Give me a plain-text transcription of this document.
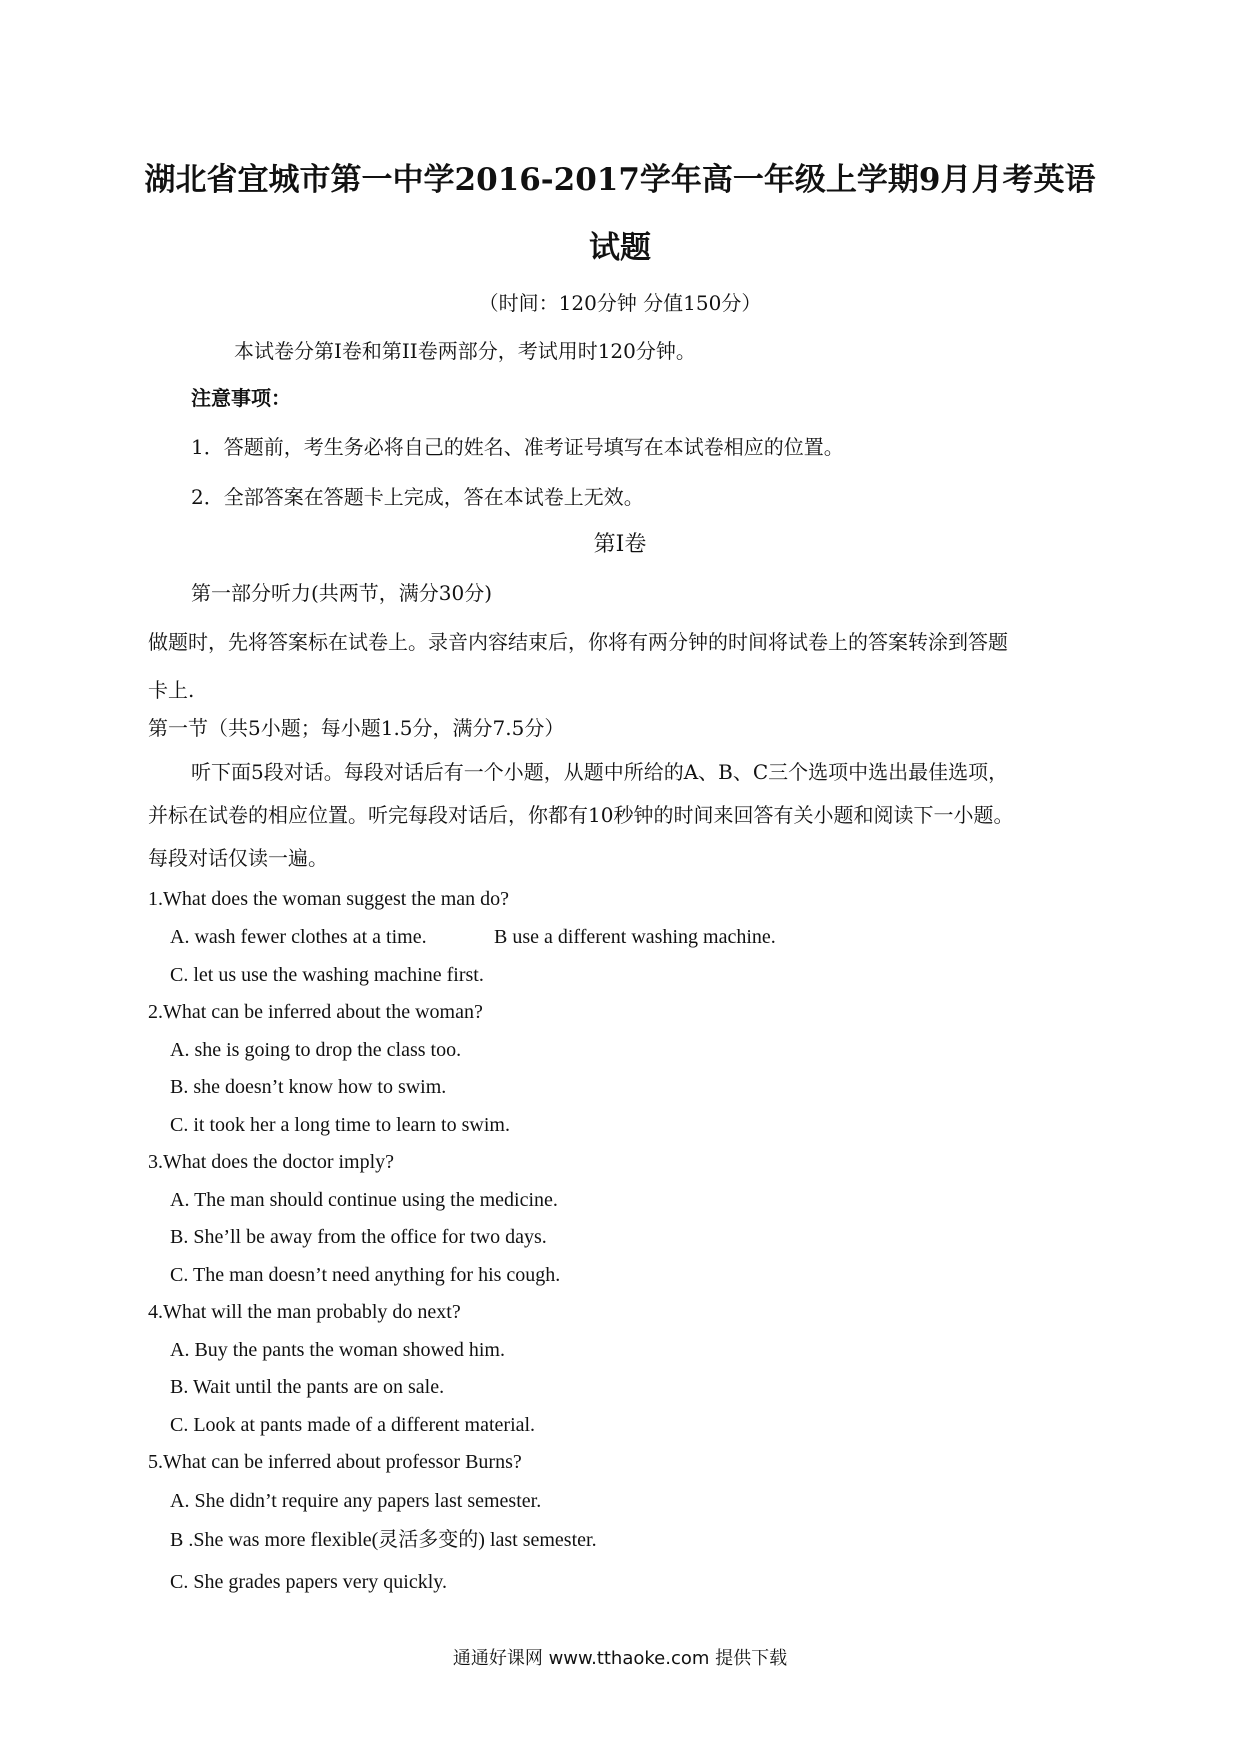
湖北省宜城市第一中学2016-2017学年高一年级上学期9月月考英语
试题
（时间：120分钟 分值150分）
本试卷分第I卷和第II卷两部分，考试用时120分钟。
注意事项：
1．答题前，考生务必将自己的姓名、准考证号填写在本试卷相应的位置。
2．全部答案在答题卡上完成，答在本试卷上无效。
第I卷
第一部分听力(共两节，满分30分)
做题时，先将答案标在试卷上。录音内容结束后，你将有两分钟的时间将试卷上的答案转涂到答题
卡上.
第一节（共5小题；每小题1.5分，满分7.5分）
听下面5段对话。每段对话后有一个小题，从题中所给的A、B、C三个选项中选出最佳选项，
并标在试卷的相应位置。听完每段对话后，你都有10秒钟的时间来回答有关小题和阅读下一小题。
每段对话仅读一遍。
1.What does the woman suggest the man do?
A. wash fewer clothes at a time.	B use a different washing machine.
C. let us use the washing machine first.
2.What can be inferred about the woman?
A. she is going to drop the class too.
B. she doesn’t know how to swim.
C. it took her a long time to learn to swim.
3.What does the doctor imply?
A. The man should continue using the medicine.
B. She’ll be away from the office for two days.
C. The man doesn’t need anything for his cough.
4.What will the man probably do next?
A. Buy the pants the woman showed him.
B. Wait until the pants are on sale.
C. Look at pants made of a different material.
5.What can be inferred about professor Burns?
A. She didn’t require any papers last semester.
B .She was more flexible(灵活多变的) last semester.
C. She grades papers very quickly.
通通好课网 www.tthaoke.com 提供下载
